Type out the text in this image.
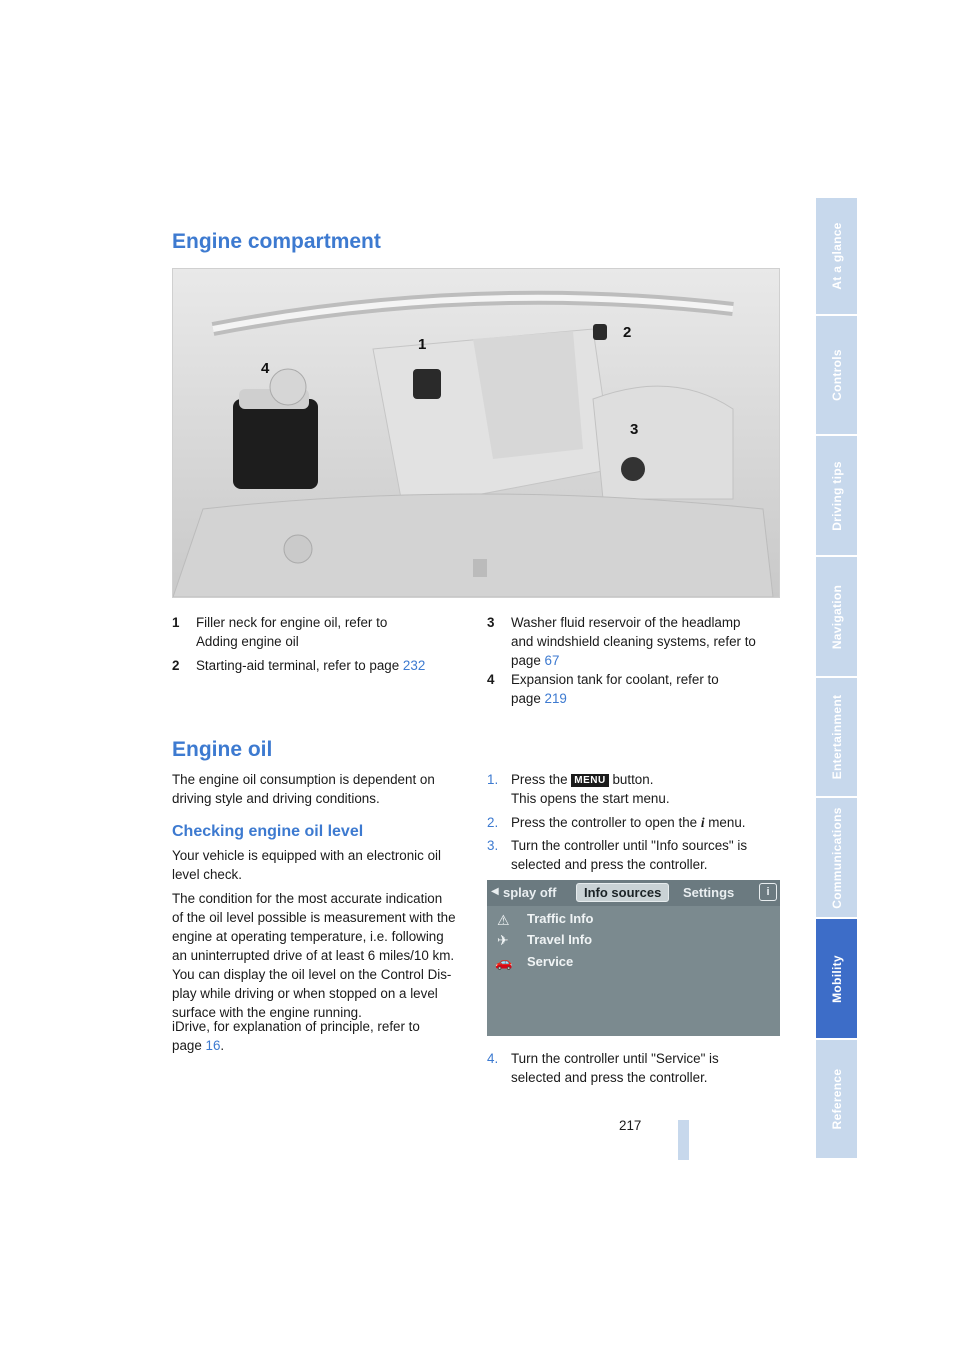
Engine compartment
1
2
3
4
1 Filler neck for engine oil, refer to
Adding engine oil
2 Starting-aid terminal, refer to page 232
3 Washer fluid reservoir of the headlamp
and windshield cleaning systems, refer to
page 67
4 Expansion tank for coolant, refer to
page 219
Engine oil
The engine oil consumption is dependent on
driving style and driving conditions.
Checking engine oil level
Your vehicle is equipped with an electronic oil
level check.
The condition for the most accurate indication
of the oil level possible is measurement with the
engine at operating temperature, i.e. following
an uninterrupted drive of at least 6 miles/10 km.
You can display the oil level on the Control Dis-
play while driving or when stopped on a level
surface with the engine running.
iDrive, for explanation of principle, refer to
page 16.
1. Press the MENU button.
This opens the start menu.
2. Press the controller to open the i menu.
3. Turn the controller until "Info sources" is
selected and press the controller.
◀ splay off	Info sources	Settings	i
⚠ Traffic Info
✈ Travel Info
🚗 Service
4. Turn the controller until "Service" is
selected and press the controller.
At a glance
Controls
Driving tips
Navigation
Entertainment
Communications
Mobility
Reference
217
